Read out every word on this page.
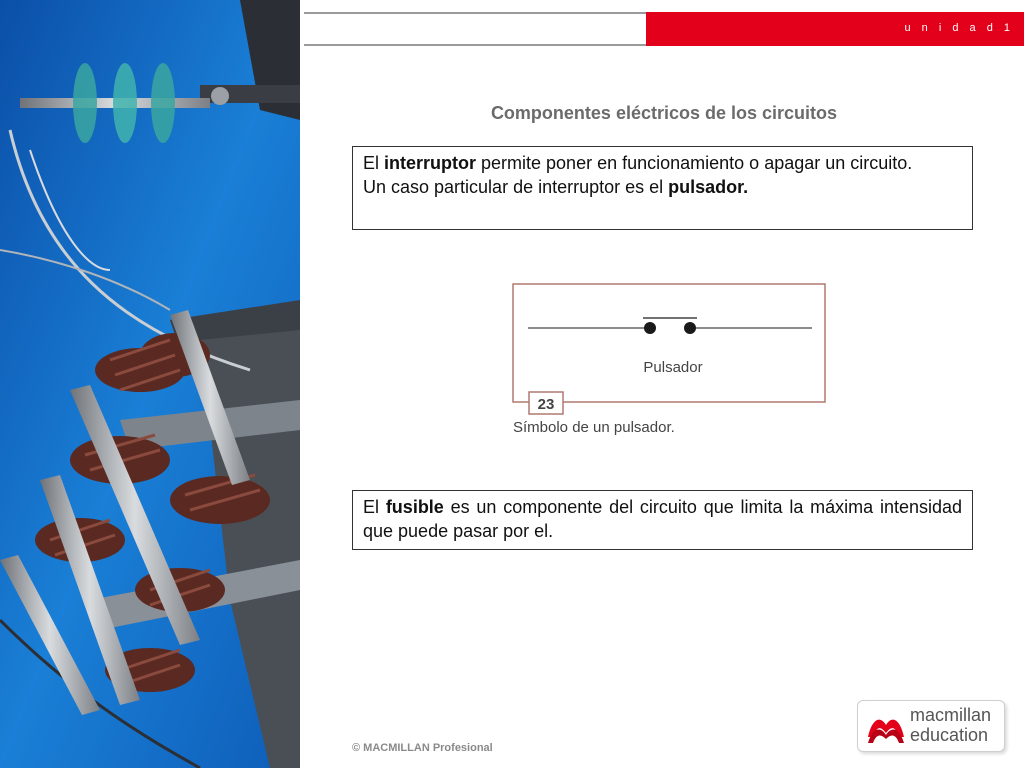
u n i d a d 1
Componentes eléctricos de los circuitos
El interruptor permite poner en funcionamiento o apagar un circuito.
Un caso particular de interruptor es el pulsador.
Pulsador
23
Símbolo de un pulsador.
El fusible es un componente del circuito que limita la máxima intensidad que puede pasar por el.
© MACMILLAN Profesional
macmillan
education
